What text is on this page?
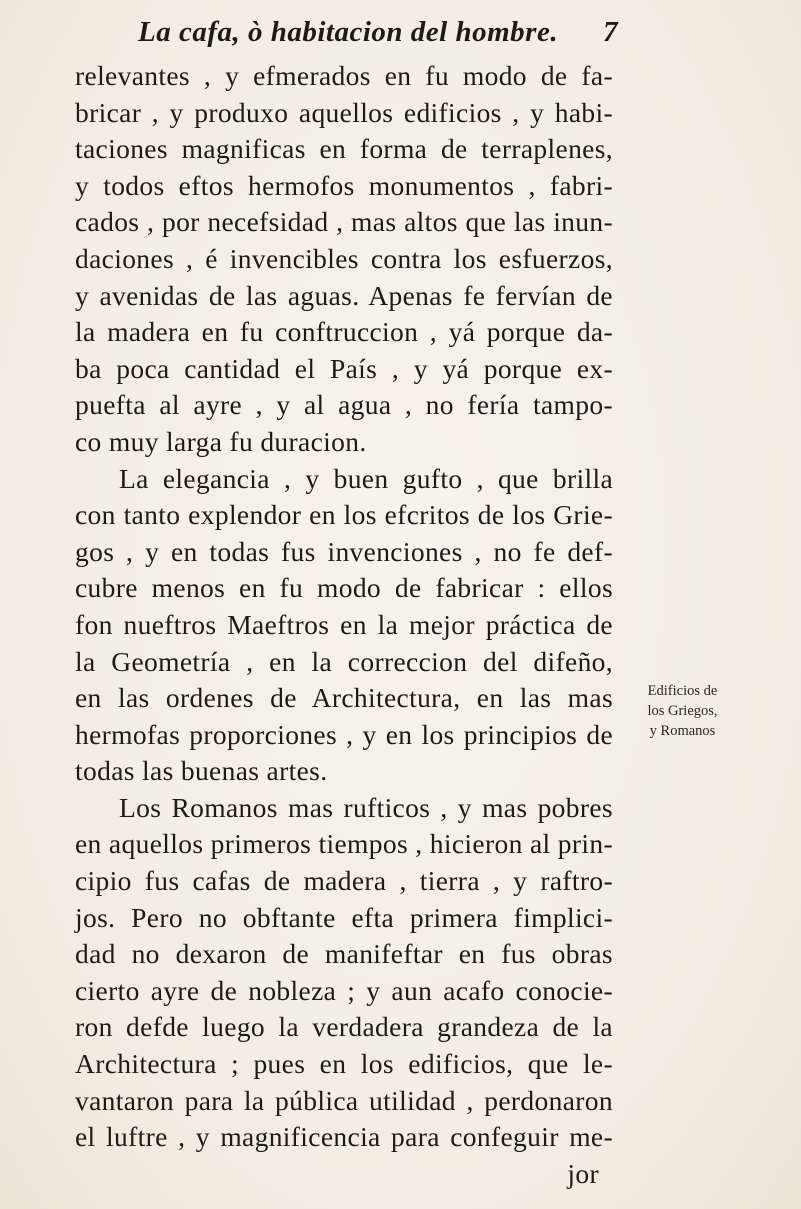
La cafa, ò habitacion del hombre. 7
relevantes , y efmerados en fu modo de fa-
bricar , y produxo aquellos edificios , y habi-
taciones magnificas en forma de terraplenes,
y todos eftos hermofos monumentos , fabri-
cados , por necefsidad , mas altos que las inun-
daciones , é invencibles contra los esfuerzos,
y avenidas de las aguas. Apenas fe fervían de
la madera en fu conftruccion , yá porque da-
ba poca cantidad el País , y yá porque ex-
puefta al ayre , y al agua , no fería tampo-
co muy larga fu duracion.
La elegancia , y buen gufto , que brilla
con tanto explendor en los efcritos de los Grie-
gos , y en todas fus invenciones , no fe def-
cubre menos en fu modo de fabricar : ellos
fon nueftros Maeftros en la mejor práctica de
la Geometría , en la correccion del difeño,
en las ordenes de Architectura, en las mas
hermofas proporciones , y en los principios de
todas las buenas artes.
Los Romanos mas rufticos , y mas pobres
en aquellos primeros tiempos , hicieron al prin-
cipio fus cafas de madera , tierra , y raftro-
jos. Pero no obftante efta primera fimplici-
dad no dexaron de manifeftar en fus obras
cierto ayre de nobleza ; y aun acafo conocie-
ron defde luego la verdadera grandeza de la
Architectura ; pues en los edificios, que le-
vantaron para la pública utilidad , perdonaron
el luftre , y magnificencia para confeguir me-
jor
Edificios de
los Griegos,
y Romanos
